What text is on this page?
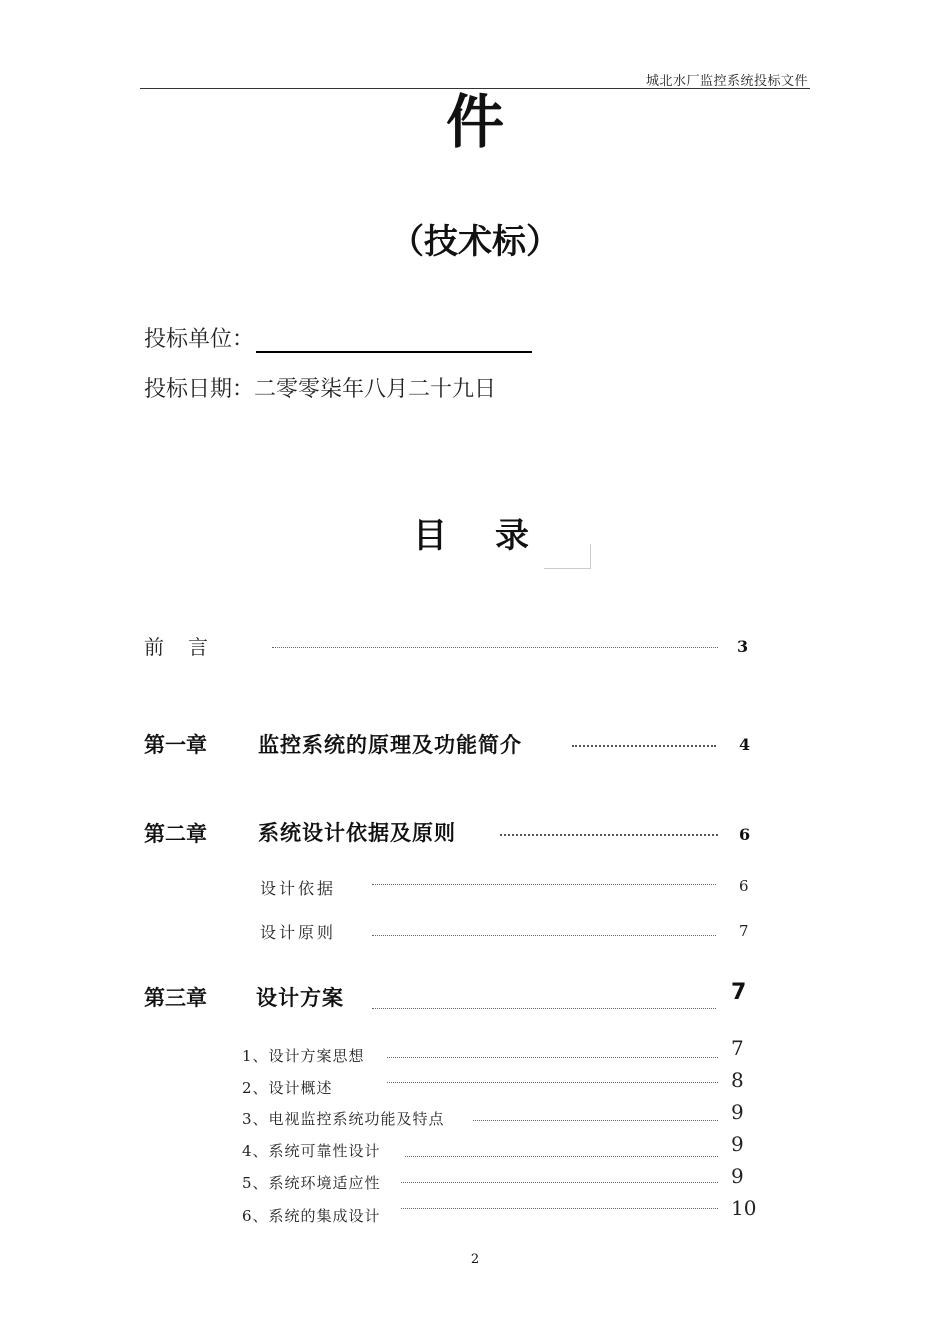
城北水厂监控系统投标文件
件
（技术标）
投标单位：
投标日期：二零零柒年八月二十九日
目录
前　言	3
第一章 监控系统的原理及功能简介	4
第二章 系统设计依据及原则	6
设计依据	6
设计原则	7
第三章 设计方案	7
1、设计方案思想	7
2、设计概述	8
3、电视监控系统功能及特点	9
4、系统可靠性设计	9
5、系统环境适应性	9
6、系统的集成设计	10
2
